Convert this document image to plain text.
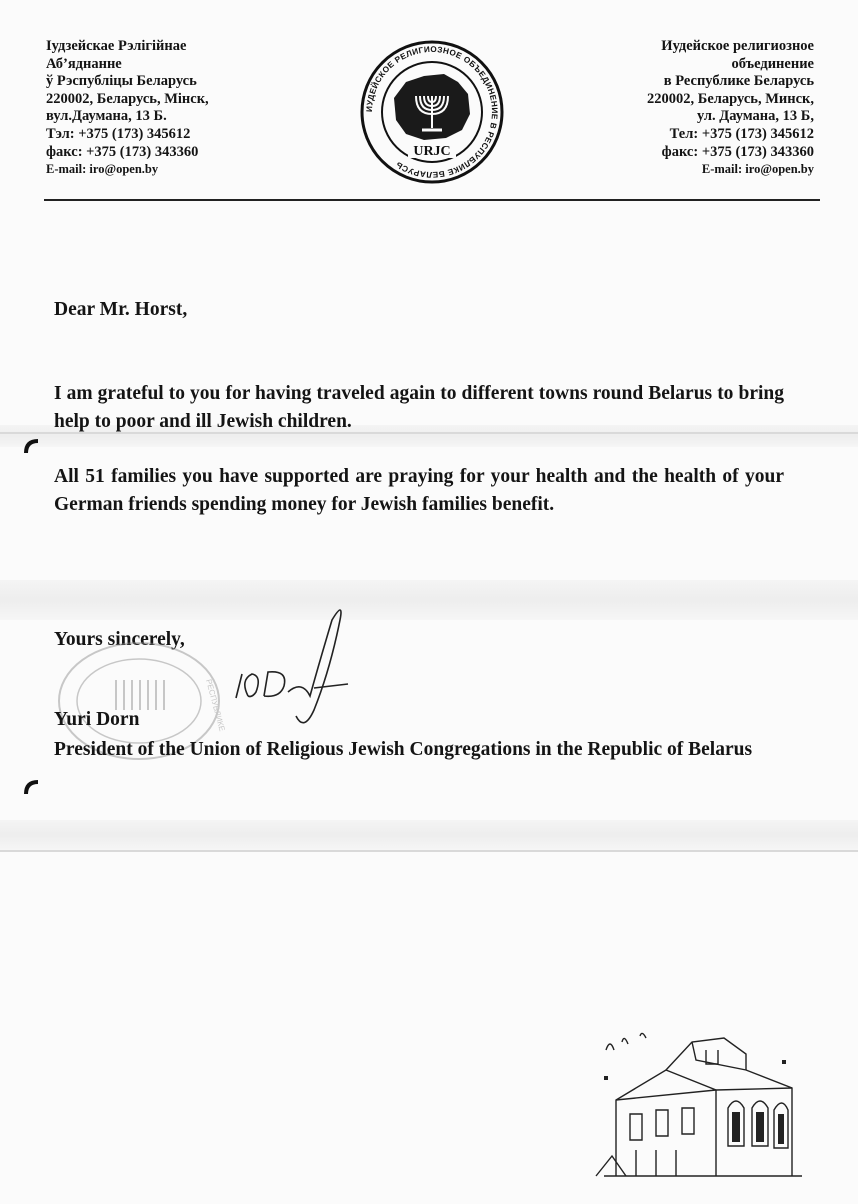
Іудзейскае Рэлігійнае
Аб’яднанне
ў Рэспубліцы Беларусь
220002, Беларусь, Мінск,
вул.Даумана, 13 Б.
Тэл: +375 (173) 345612
факс: +375 (173) 343360
E-mail: iro@open.by
ИУДЕЙСКОЕ РЕЛИГИОЗНОЕ ОБЪЕДИНЕНИЕ В РЕСПУБЛИКЕ БЕЛАРУСЬ
URJC
Иудейское религиозное
объединение
в Республике Беларусь
220002, Беларусь, Минск,
ул. Даумана, 13 Б,
Тел: +375 (173) 345612
факс: +375 (173) 343360
E-mail: iro@open.by
Dear Mr. Horst,
I am grateful to you for having traveled again to different towns round Belarus to bring help to poor and ill Jewish children.
All 51 families you have supported are praying for your health and the health of your German friends spending money for Jewish families benefit.
Yours sincerely,
РЕСПУБЛИКЕ
Yuri Dorn
President of the Union of Religious Jewish Congregations in the Republic of Belarus
ЮД
